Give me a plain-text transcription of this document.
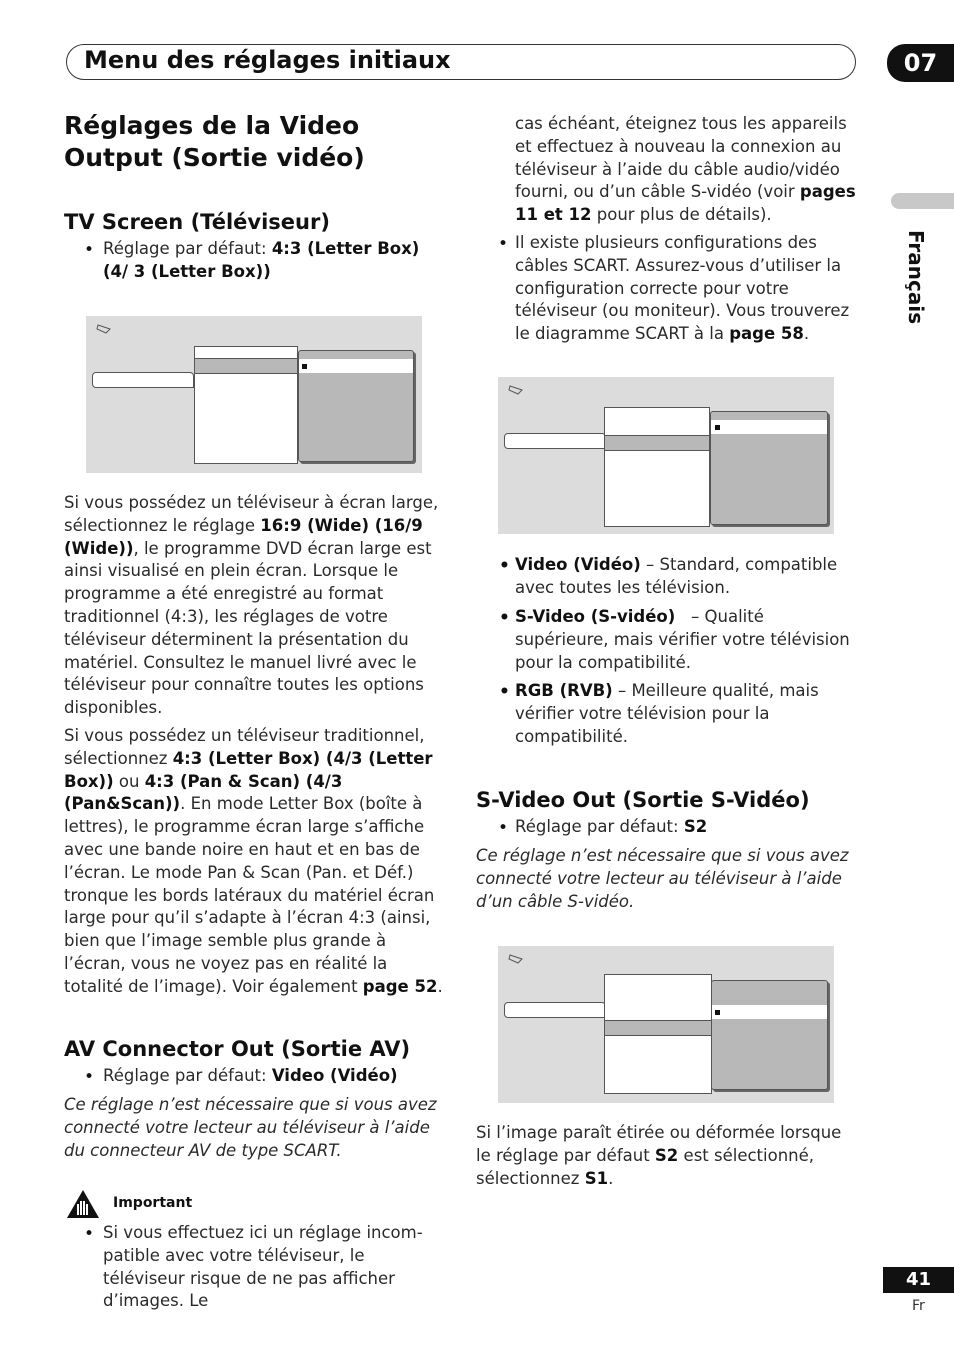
Menu des réglages initiaux	07
Français
Réglages de la Video Output (Sortie vidéo)
TV Screen (Téléviseur)
• Réglage par défaut: 4:3 (Letter Box) (4/ 3 (Letter Box))

Si vous possédez un téléviseur à écran large, sélectionnez le réglage 16:9 (Wide) (16/9 (Wide)), le programme DVD écran large est ainsi visualisé en plein écran. Lorsque le programme a été enregistré au format traditionnel (4:3), les réglages de votre téléviseur déterminent la présentation du matériel. Consultez le manuel livré avec le téléviseur pour connaître toutes les options disponibles.

Si vous possédez un téléviseur traditionnel, sélectionnez 4:3 (Letter Box) (4/3 (Letter Box)) ou 4:3 (Pan & Scan) (4/3 (Pan&Scan)). En mode Letter Box (boîte à lettres), le programme écran large s’affiche avec une bande noire en haut et en bas de l’écran. Le mode Pan & Scan (Pan. et Déf.) tronque les bords latéraux du matériel écran large pour qu’il s’adapte à l’écran 4:3 (ainsi, bien que l’image semble plus grande à l’écran, vous ne voyez pas en réalité la totalité de l’image). Voir également page 52.

AV Connector Out (Sortie AV)
• Réglage par défaut: Video (Vidéo)

Ce réglage n’est nécessaire que si vous avez connecté votre lecteur au téléviseur à l’aide du connecteur AV de type SCART.

Important
• Si vous effectuez ici un réglage incom-patible avec votre téléviseur, le téléviseur risque de ne pas afficher d’images. Le

cas échéant, éteignez tous les appareils et effectuez à nouveau la connexion au téléviseur à l’aide du câble audio/vidéo fourni, ou d’un câble S-vidéo (voir pages 11 et 12 pour plus de détails).

• Il existe plusieurs configurations des câbles SCART. Assurez-vous d’utiliser la configuration correcte pour votre téléviseur (ou moniteur). Vous trouverez le diagramme SCART à la page 58.

• Video (Vidéo) – Standard, compatible avec toutes les télévision.

• S-Video (S-vidéo)   – Qualité supérieure, mais vérifier votre télévision pour la compatibilité.

• RGB (RVB) – Meilleure qualité, mais vérifier votre télévision pour la compatibilité.

S-Video Out (Sortie S-Vidéo)
• Réglage par défaut: S2

Ce réglage n’est nécessaire que si vous avez connecté votre lecteur au téléviseur à l’aide d’un câble S-vidéo.

Si l’image paraît étirée ou déformée lorsque le réglage par défaut S2 est sélectionné, sélectionnez S1.

41
Fr
